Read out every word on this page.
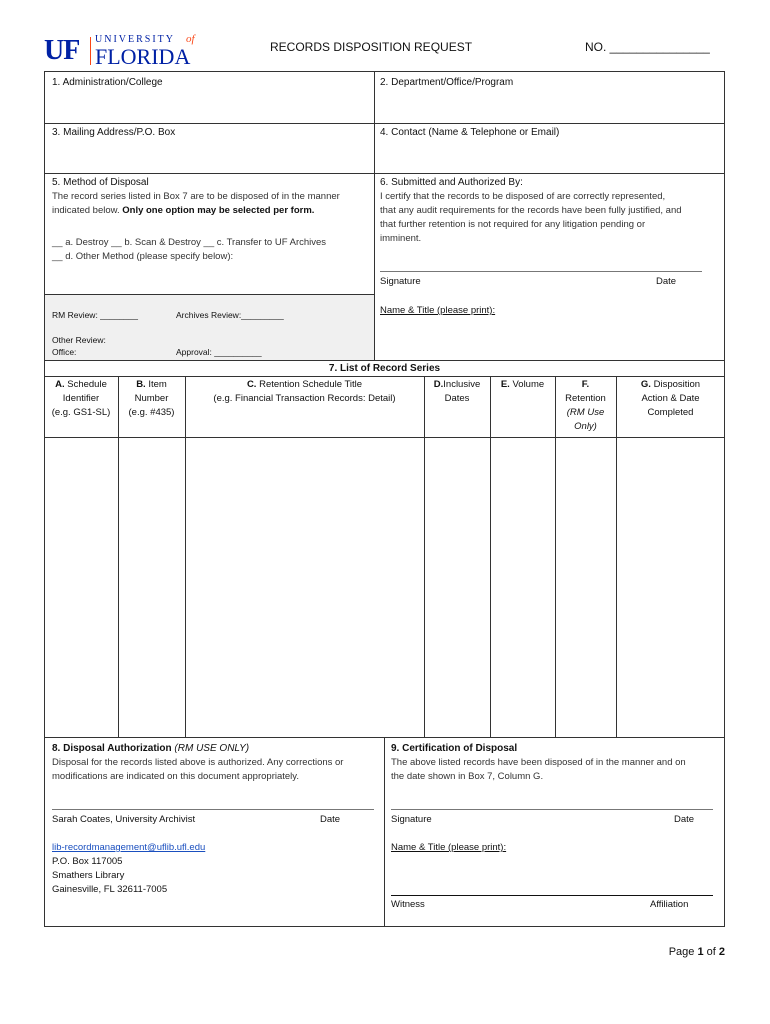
UF UNIVERSITY of
FLORIDA	RECORDS DISPOSITION REQUEST	NO. _______________
1. Administration/College	2. Department/Office/Program
3. Mailing Address/P.O. Box	4. Contact (Name & Telephone or Email)
5. Method of Disposal
The record series listed in Box 7 are to be disposed of in the manner
indicated below. Only one option may be selected per form.
__ a. Destroy __ b. Scan & Destroy __ c. Transfer to UF Archives
__ d. Other Method (please specify below):
RM Review: ________	Archives Review:_________
Other Review:
Office:	Approval: __________
6. Submitted and Authorized By:
I certify that the records to be disposed of are correctly represented,
that any audit requirements for the records have been fully justified, and
that further retention is not required for any litigation pending or
imminent.
Signature	Date
Name & Title (please print):
7. List of Record Series
A. Schedule
Identifier
(e.g. GS1-SL)
B. Item
Number
(e.g. #435)
C. Retention Schedule Title
(e.g. Financial Transaction Records: Detail)
D.Inclusive
Dates
E. Volume	F.
Retention
(RM Use
Only)
G. Disposition
Action & Date
Completed
8. Disposal Authorization (RM USE ONLY)
Disposal for the records listed above is authorized. Any corrections or
modifications are indicated on this document appropriately.
Sarah Coates, University Archivist	Date
lib-recordmanagement@uflib.ufl.edu
P.O. Box 117005
Smathers Library
Gainesville, FL 32611-7005
9. Certification of Disposal
The above listed records have been disposed of in the manner and on
the date shown in Box 7, Column G.
Signature	Date
Name & Title (please print):
Witness	Affiliation
Page 1 of 2
